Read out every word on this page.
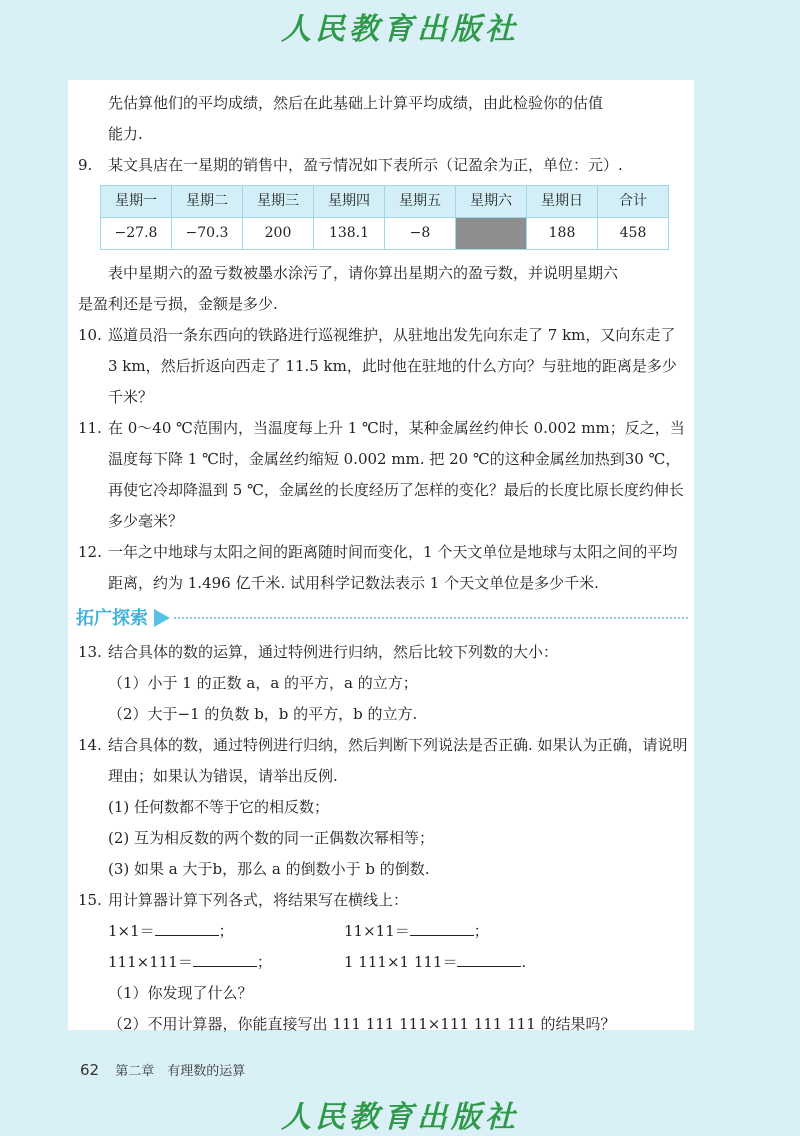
人民教育出版社

先估算他们的平均成绩，然后在此基础上计算平均成绩，由此检验你的估值

能力.

9.	某文具店在一星期的销售中，盈亏情况如下表所示（记盈余为正，单位：元）.
星期一	星期二	星期三	星期四	星期五	星期六	星期日	合计
−27.8	−70.3	200	138.1	−8		188	458

表中星期六的盈亏数被墨水涂污了，请你算出星期六的盈亏数，并说明星期六

是盈利还是亏损，金额是多少.

10. 巡道员沿一条东西向的铁路进行巡视维护，从驻地出发先向东走了 7 km，又向东走了 3 km，然后折返向西走了 11.5 km，此时他在驻地的什么方向？与驻地的距离是多少千米？
11. 在 0～40 ℃范围内，当温度每上升 1 ℃时，某种金属丝约伸长 0.002 mm；反之，当温度每下降 1 ℃时，金属丝约缩短 0.002 mm. 把 20 ℃的这种金属丝加热到30 ℃，再使它冷却降温到 5 ℃，金属丝的长度经历了怎样的变化？最后的长度比原长度约伸长多少毫米？
12. 一年之中地球与太阳之间的距离随时间而变化，1 个天文单位是地球与太阳之间的平均距离，约为 1.496 亿千米. 试用科学记数法表示 1 个天文单位是多少千米.
拓广探索
13. 结合具体的数的运算，通过特例进行归纳，然后比较下列数的大小：

（1）小于 1 的正数 a，a 的平方，a 的立方；

（2）大于−1 的负数 b，b 的平方，b 的立方.

14. 结合具体的数，通过特例进行归纳，然后判断下列说法是否正确. 如果认为正确，请说明理由；如果认为错误，请举出反例.

(1) 任何数都不等于它的相反数；

(2) 互为相反数的两个数的同一正偶数次幂相等；

(3) 如果 a 大于b，那么 a 的倒数小于 b 的倒数.

15. 用计算器计算下列各式，将结果写在横线上：
1×1＝	；	11×11＝	；
111×111＝	；	1 111×1 111＝	.

（1）你发现了什么？

（2）不用计算器，你能直接写出 111 111 111×111 111 111 的结果吗？

62 第二章　有理数的运算
人民教育出版社
